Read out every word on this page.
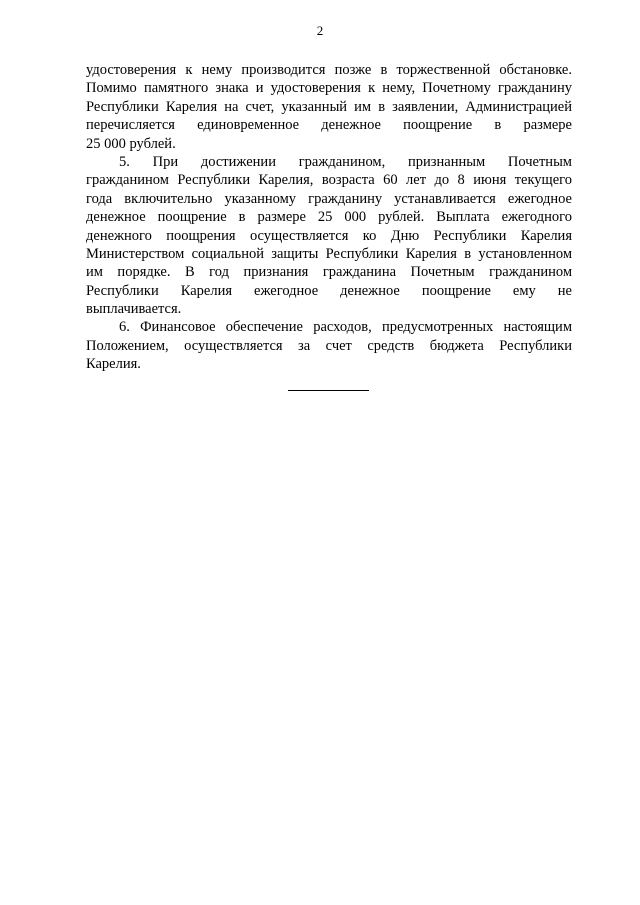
2

удостоверения к нему производится позже в торжественной обстановке.
Помимо памятного знака и удостоверения к нему, Почетному гражданину
Республики Карелия на счет, указанный им в заявлении, Администрацией
перечисляется единовременное денежное поощрение в размере
25 000 рублей.

5. При достижении гражданином, признанным Почетным
гражданином Республики Карелия, возраста 60 лет до 8 июня текущего
года включительно указанному гражданину устанавливается ежегодное
денежное поощрение в размере 25 000 рублей. Выплата ежегодного
денежного поощрения осуществляется ко Дню Республики Карелия
Министерством социальной защиты Республики Карелия в установленном
им порядке. В год признания гражданина Почетным гражданином
Республики Карелия ежегодное денежное поощрение ему не
выплачивается.

6. Финансовое обеспечение расходов, предусмотренных настоящим
Положением, осуществляется за счет средств бюджета Республики
Карелия.
